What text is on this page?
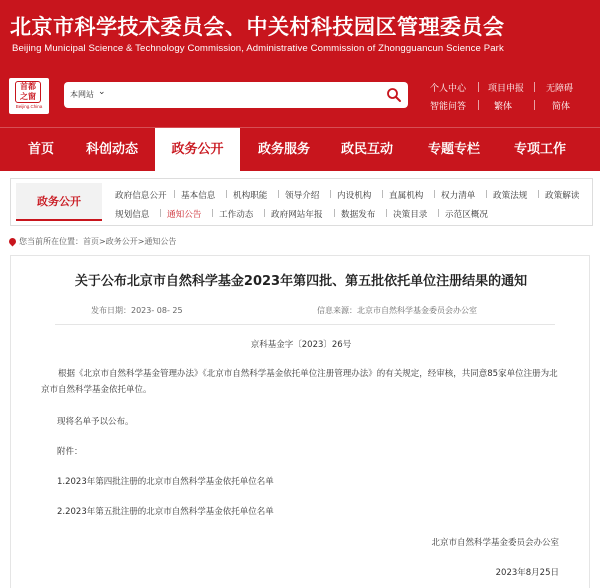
北京市科学技术委员会、中关村科技园区管理委员会
Beijing Municipal Science & Technology Commission, Administrative Commission of Zhongguancun Science Park
首都
之窗
Beijing.China
本网站 ⌄	个人中心 项目申报 无障碍
智能问答	繁体	简体
首页	科创动态	政务公开	政务服务	政民互动	专题专栏	专项工作
政务公开	政府信息公开 | 基本信息 | 机构职能 | 领导介绍 | 内设机构 | 直属机构 | 权力清单 | 政策法规 | 政策解读
规划信息 | 通知公告 | 工作动态 | 政府网站年报 | 数据发布 | 决策目录 | 示范区概况
您当前所在位置：首页>政务公开>通知公告
关于公布北京市自然科学基金2023年第四批、第五批依托单位注册结果的通知
发布日期：2023- 08- 25	信息来源：北京市自然科学基金委员会办公室
京科基金字〔2023〕26号
根据《北京市自然科学基金管理办法》《北京市自然科学基金依托单位注册管理办法》的有关规定，经审核，共同意85家单位注册为北京市自然科学基金依托单位。
现将名单予以公布。
附件：
1.2023年第四批注册的北京市自然科学基金依托单位名单
2.2023年第五批注册的北京市自然科学基金依托单位名单
北京市自然科学基金委员会办公室
2023年8月25日
